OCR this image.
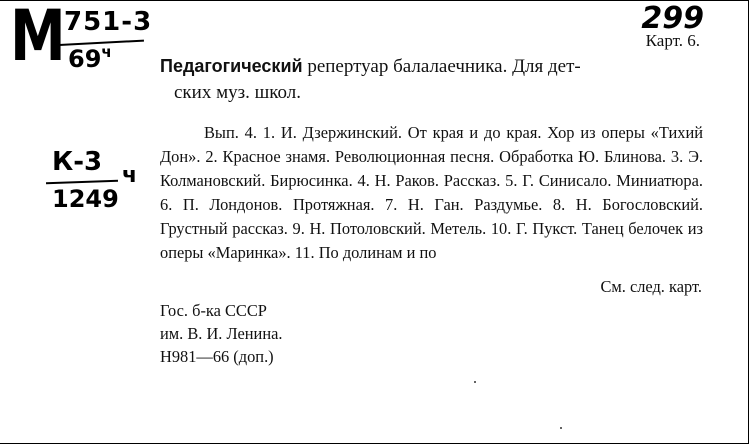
M 751-3
$69^ч$
299
Карт. 6.
К-3 ч
1249
Педагогический репертуар балалаечника. Для дет-
ских муз. школ.

Вып. 4. 1. И. Дзержинский. От края и до края. Хор из оперы «Тихий Дон». 2. Красное знамя. Революционная песня. Обработка Ю. Блинова. 3. Э. Колмановский. Бирюсинка. 4. Н. Раков. Рассказ. 5. Г. Синисало. Миниатюра. 6. П. Лондонов. Протяжная. 7. Н. Ган. Раздумье. 8. Н. Богословский. Грустный рассказ. 9. Н. Потоловский. Метель. 10. Г. Пукст. Танец белочек из оперы «Маринка». 11. По долинам и по

См. след. карт.
Гос. б-ка СССР
им. В. И. Ленина.
Н981—66 (доп.)
